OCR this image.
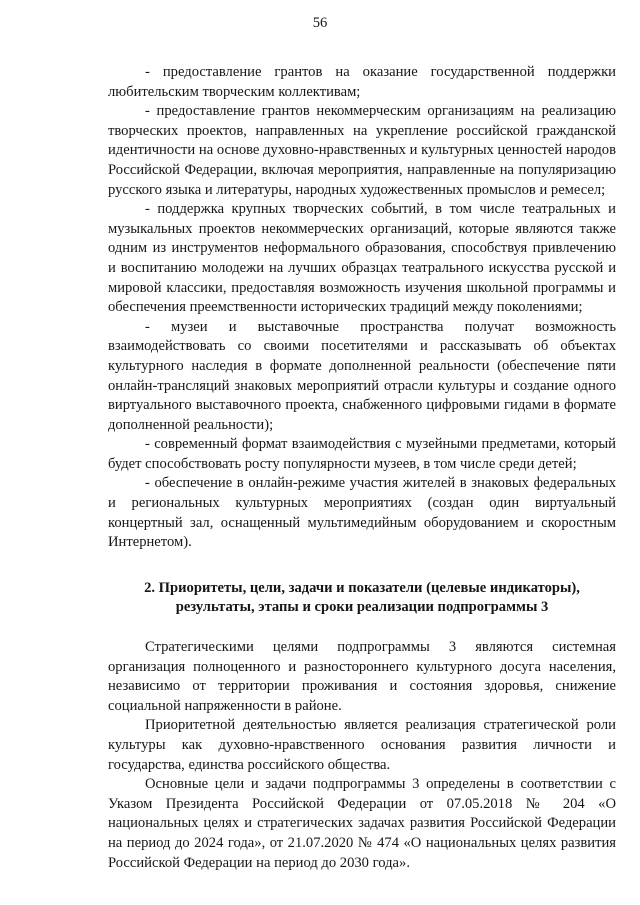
56

- предоставление грантов на оказание государственной поддержки любительским творческим коллективам;

- предоставление грантов некоммерческим организациям на реализацию творческих проектов, направленных на укрепление российской гражданской идентичности на основе духовно-нравственных и культурных ценностей народов Российской Федерации, включая мероприятия, направленные на популяризацию русского языка и литературы, народных художественных промыслов и ремесел;

- поддержка крупных творческих событий, в том числе театральных и музыкальных проектов некоммерческих организаций, которые являются также одним из инструментов неформального образования, способствуя привлечению и воспитанию молодежи на лучших образцах театрального искусства русской и мировой классики, предоставляя возможность изучения школьной программы и обеспечения преемственности исторических традиций между поколениями;

- музеи и выставочные пространства получат возможность взаимодействовать со своими посетителями и рассказывать об объектах культурного наследия в формате дополненной реальности (обеспечение пяти онлайн-трансляций знаковых мероприятий отрасли культуры и создание одного виртуального выставочного проекта, снабженного цифровыми гидами в формате дополненной реальности);

- современный формат взаимодействия с музейными предметами, который будет способствовать росту популярности музеев, в том числе среди детей;

- обеспечение в онлайн-режиме участия жителей в знаковых федеральных и региональных культурных мероприятиях (создан один виртуальный концертный зал, оснащенный мультимедийным оборудованием и скоростным Интернетом).

2. Приоритеты, цели, задачи и показатели (целевые индикаторы), результаты, этапы и сроки реализации подпрограммы 3

Стратегическими целями подпрограммы 3 являются системная организация полноценного и разностороннего культурного досуга населения, независимо от территории проживания и состояния здоровья, снижение социальной напряженности в районе.

Приоритетной деятельностью является реализация стратегической роли культуры как духовно-нравственного основания развития личности и государства, единства российского общества.

Основные цели и задачи подпрограммы 3 определены в соответствии с Указом Президента Российской Федерации от 07.05.2018 № 204 «О национальных целях и стратегических задачах развития Российской Федерации на период до 2024 года», от 21.07.2020 № 474 «О национальных целях развития Российской Федерации на период до 2030 года».
